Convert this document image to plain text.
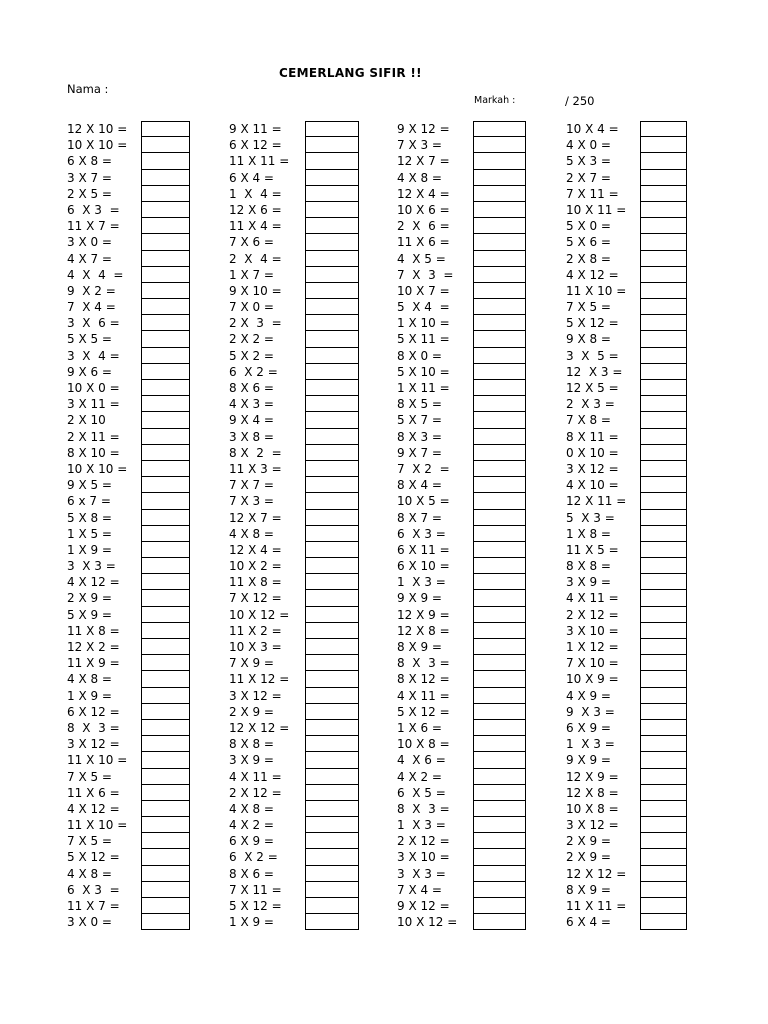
CEMERLANG SIFIR !!
Nama :
Markah :	/ 250
12 X 10 =
10 X 10 =
6 X 8 =
3 X 7 =
2 X 5 =
6  X 3  =
11 X 7 =
3 X 0 =
4 X 7 =
4  X  4  =
9  X 2 =
7  X 4 =
3  X  6 =
5 X 5 =
3  X  4 =
9 X 6 =
10 X 0 =
3 X 11 =
2 X 10
2 X 11 =
8 X 10 =
10 X 10 =
9 X 5 =
6 x 7 =
5 X 8 =
1 X 5 =
1 X 9 =
3  X 3 =
4 X 12 =
2 X 9 =
5 X 9 =
11 X 8 =
12 X 2 =
11 X 9 =
4 X 8 =
1 X 9 =
6 X 12 =
8  X  3 =
3 X 12 =
11 X 10 =
7 X 5 =
11 X 6 =
4 X 12 =
11 X 10 =
7 X 5 =
5 X 12 =
4 X 8 =
6  X 3  =
11 X 7 =
3 X 0 =
9 X 11 =
6 X 12 =
11 X 11 =
6 X 4 =
1  X  4 =
12 X 6 =
11 X 4 =
7 X 6 =
2  X  4 =
1 X 7 =
9 X 10 =
7 X 0 =
2 X  3  =
2 X 2 =
5 X 2 =
6  X 2 =
8 X 6 =
4 X 3 =
9 X 4 =
3 X 8 =
8 X  2  =
11 X 3 =
7 X 7 =
7 X 3 =
12 X 7 =
4 X 8 =
12 X 4 =
10 X 2 =
11 X 8 =
7 X 12 =
10 X 12 =
11 X 2 =
10 X 3 =
7 X 9 =
11 X 12 =
3 X 12 =
2 X 9 =
12 X 12 =
8 X 8 =
3 X 9 =
4 X 11 =
2 X 12 =
4 X 8 =
4 X 2 =
6 X 9 =
6  X 2 =
8 X 6 =
7 X 11 =
5 X 12 =
1 X 9 =
9 X 12 =
7 X 3 =
12 X 7 =
4 X 8 =
12 X 4 =
10 X 6 =
2  X  6 =
11 X 6 =
4  X 5 =
7  X  3  =
10 X 7 =
5  X 4  =
1 X 10 =
5 X 11 =
8 X 0 =
5 X 10 =
1 X 11 =
8 X 5 =
5 X 7 =
8 X 3 =
9 X 7 =
7  X 2  =
8 X 4 =
10 X 5 =
8 X 7 =
6  X 3 =
6 X 11 =
6 X 10 =
1  X 3 =
9 X 9 =
12 X 9 =
12 X 8 =
8 X 9 =
8  X  3 =
8 X 12 =
4 X 11 =
5 X 12 =
1 X 6 =
10 X 8 =
4  X 6 =
4 X 2 =
6  X 5 =
8  X  3 =
1  X 3 =
2 X 12 =
3 X 10 =
3  X 3 =
7 X 4 =
9 X 12 =
10 X 12 =
10 X 4 =
4 X 0 =
5 X 3 =
2 X 7 =
7 X 11 =
10 X 11 =
5 X 0 =
5 X 6 =
2 X 8 =
4 X 12 =
11 X 10 =
7 X 5 =
5 X 12 =
9 X 8 =
3  X  5 =
12  X 3 =
12 X 5 =
2  X 3 =
7 X 8 =
8 X 11 =
0 X 10 =
3 X 12 =
4 X 10 =
12 X 11 =
5  X 3 =
1 X 8 =
11 X 5 =
8 X 8 =
3 X 9 =
4 X 11 =
2 X 12 =
3 X 10 =
1 X 12 =
7 X 10 =
10 X 9 =
4 X 9 =
9  X 3 =
6 X 9 =
1  X 3 =
9 X 9 =
12 X 9 =
12 X 8 =
10 X 8 =
3 X 12 =
2 X 9 =
2 X 9 =
12 X 12 =
8 X 9 =
11 X 11 =
6 X 4 =
